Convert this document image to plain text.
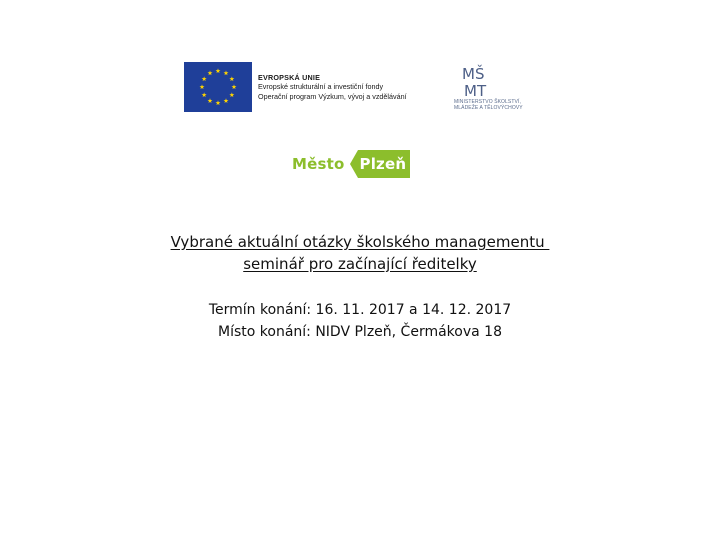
EVROPSKÁ UNIE
Evropské strukturální a investiční fondy
Operační program Výzkum, vývoj a vzdělávání
MŠ
MT
MINISTERSTVO ŠKOLSTVÍ,
MLÁDEŽE A TĚLOVÝCHOVY
Město Plzeň
Vybrané aktuální otázky školského managementu
seminář pro začínající ředitelky
Termín konání: 16. 11. 2017 a 14. 12. 2017
Místo konání: NIDV Plzeň, Čermákova 18
